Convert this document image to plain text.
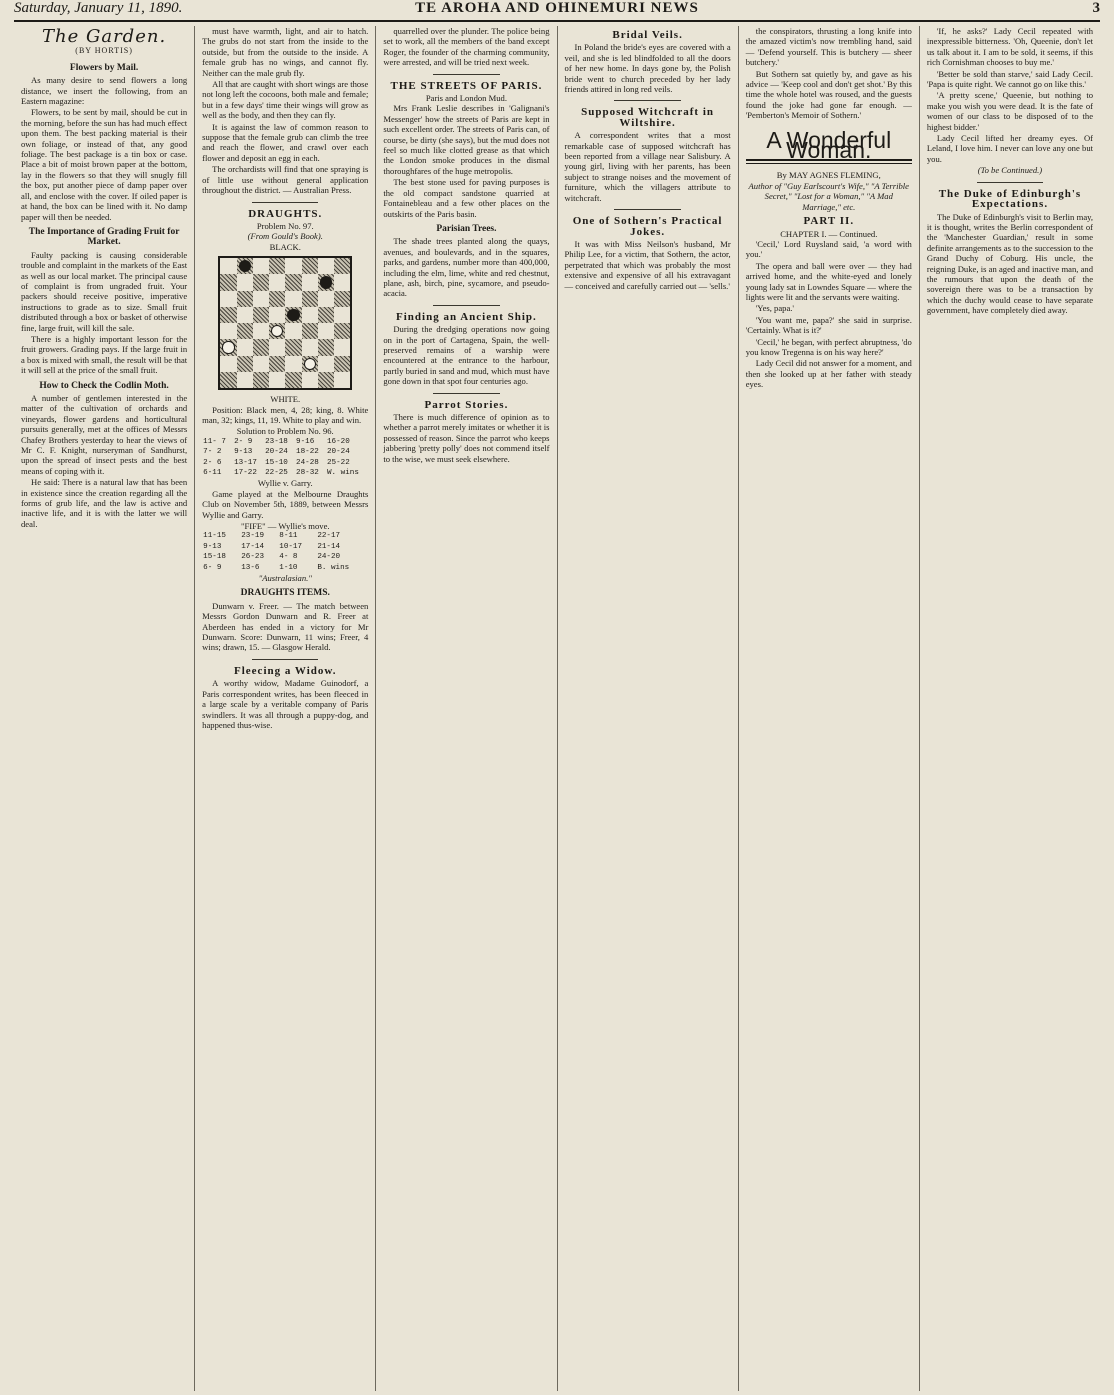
Saturday, January 11, 1890.	TE AROHA AND OHINEMURI NEWS	3
The Garden.
(BY HORTIS)
Flowers by Mail.

As many desire to send flowers a long distance, we insert the following, from an Eastern magazine:

Flowers, to be sent by mail, should be cut in the morning, before the sun has had much effect upon them. The best packing material is their own foliage, or instead of that, any good foliage. The best package is a tin box or case. Place a bit of moist brown paper at the bottom, lay in the flowers so that they will snugly fill the box, put another piece of damp paper over all, and enclose with the cover. If oiled paper is at hand, the box can be lined with it. No damp paper will then be needed.

The Importance of Grading Fruit for Market.

Faulty packing is causing considerable trouble and complaint in the markets of the East as well as our local market. The principal cause of complaint is from ungraded fruit. Your packers should receive positive, imperative instructions to grade as to size. Small fruit distributed through a box or basket of otherwise fine, large fruit, will kill the sale.

There is a highly important lesson for the fruit growers. Grading pays. If the large fruit in a box is mixed with small, the result will be that it will sell at the price of the small fruit.

How to Check the Codlin Moth.

A number of gentlemen interested in the matter of the cultivation of orchards and vineyards, flower gardens and horticultural pursuits generally, met at the offices of Messrs Chafey Brothers yesterday to hear the views of Mr C. F. Knight, nurseryman of Sandhurst, upon the spread of insect pests and the best means of coping with it.

He said: There is a natural law that has been in existence since the creation regarding all the forms of grub life, and the law is active and inactive life, and it is with the latter we will deal.

must have warmth, light, and air to hatch. The grubs do not start from the inside to the outside, but from the outside to the inside. A female grub has no wings, and cannot fly. Neither can the male grub fly.

All that are caught with short wings are those not long left the cocoons, both male and female; but in a few days' time their wings will grow as well as the body, and then they can fly.

It is against the law of common reason to suppose that the female grub can climb the tree and reach the flower, and crawl over each flower and deposit an egg in each.

The orchardists will find that one spraying is of little use without general application throughout the district. — Australian Press.

DRAUGHTS.
Problem No. 97.
(From Gould's Book).
BLACK.
WHITE.

Position: Black men, 4, 28; king, 8. White man, 32; kings, 11, 19. White to play and win.

Solution to Problem No. 96.
11- 7	2- 9	23-18	9-16	16-20
7- 2	9-13	20-24	18-22	20-24
2- 6	13-17	15-10	24-28	25-22
6-11	17-22	22-25	28-32	W. wins
Wyllie v. Garry.

Game played at the Melbourne Draughts Club on November 5th, 1889, between Messrs Wyllie and Garry.

"FIFE" — Wyllie's move.
11-15	23-19	8-11	22-17
9-13	17-14	10-17	21-14
15-18	26-23	4- 8	24-20
6- 9	13-6	1-10	B. wins
"Australasian."
DRAUGHTS ITEMS.

Dunwarn v. Freer. — The match between Messrs Gordon Dunwarn and R. Freer at Aberdeen has ended in a victory for Mr Dunwarn. Score: Dunwarn, 11 wins; Freer, 4 wins; drawn, 15. — Glasgow Herald.

Fleecing a Widow.

A worthy widow, Madame Guinodorf, a Paris correspondent writes, has been fleeced in a large scale by a veritable company of Paris swindlers. It was all through a puppy-dog, and happened thus-wise.

quarrelled over the plunder. The police being set to work, all the members of the band except Roger, the founder of the charming community, were arrested, and will be tried next week.

THE STREETS OF PARIS.
Paris and London Mud.

Mrs Frank Leslie describes in 'Galignani's Messenger' how the streets of Paris are kept in such excellent order. The streets of Paris can, of course, be dirty (she says), but the mud does not feel so much like clotted grease as that which the London smoke produces in the dismal thoroughfares of the huge metropolis.

The best stone used for paving purposes is the old compact sandstone quarried at Fontainebleau and a few other places on the outskirts of the Paris basin.

Parisian Trees.

The shade trees planted along the quays, avenues, and boulevards, and in the squares, parks, and gardens, number more than 400,000, including the elm, lime, white and red chestnut, plane, ash, birch, pine, sycamore, and pseudo-acacia.

Finding an Ancient Ship.

During the dredging operations now going on in the port of Cartagena, Spain, the well-preserved remains of a warship were encountered at the entrance to the harbour, partly buried in sand and mud, which must have gone down in that spot four centuries ago.

Parrot Stories.

There is much difference of opinion as to whether a parrot merely imitates or whether it is possessed of reason. Since the parrot who keeps jabbering 'pretty polly' does not commend itself to the wise, we must seek elsewhere.

Bridal Veils.

In Poland the bride's eyes are covered with a veil, and she is led blindfolded to all the doors of her new home. In days gone by, the Polish bride went to church preceded by her lady friends attired in long red veils.

Supposed Witchcraft in Wiltshire.

A correspondent writes that a most remarkable case of supposed witchcraft has been reported from a village near Salisbury. A young girl, living with her parents, has been subject to strange noises and the movement of furniture, which the villagers attribute to witchcraft.

One of Sothern's Practical Jokes.

It was with Miss Neilson's husband, Mr Philip Lee, for a victim, that Sothern, the actor, perpetrated that which was probably the most extensive and expensive of all his extravagant — conceived and carefully carried out — 'sells.'

the conspirators, thrusting a long knife into the amazed victim's now trembling hand, said — 'Defend yourself. This is butchery — sheer butchery.'

But Sothern sat quietly by, and gave as his advice — 'Keep cool and don't get shot.' By this time the whole hotel was roused, and the guests found the joke had gone far enough. — 'Pemberton's Memoir of Sothern.'

A Wonderful Woman.
By MAY AGNES FLEMING,
Author of "Guy Earlscourt's Wife," "A Terrible Secret," "Lost for a Woman," "A Mad Marriage," etc.
PART II.
CHAPTER I. — Continued.

'Cecil,' Lord Ruysland said, 'a word with you.'

The opera and ball were over — they had arrived home, and the white-eyed and lonely young lady sat in Lowndes Square — where the lights were lit and the servants were waiting.

'Yes, papa.'

'You want me, papa?' she said in surprise. 'Certainly. What is it?'

'Cecil,' he began, with perfect abruptness, 'do you know Tregenna is on his way here?'

Lady Cecil did not answer for a moment, and then she looked up at her father with steady eyes.

'If, he asks?' Lady Cecil repeated with inexpressible bitterness. 'Oh, Queenie, don't let us talk about it. I am to be sold, it seems, if this rich Cornishman chooses to buy me.'

'Better be sold than starve,' said Lady Cecil. 'Papa is quite right. We cannot go on like this.'

'A pretty scene,' Queenie, but nothing to make you wish you were dead. It is the fate of women of our class to be disposed of to the highest bidder.'

Lady Cecil lifted her dreamy eyes. Of Leland, I love him. I never can love any one but you.

(To be Continued.)
The Duke of Edinburgh's Expectations.

The Duke of Edinburgh's visit to Berlin may, it is thought, writes the Berlin correspondent of the 'Manchester Guardian,' result in some definite arrangements as to the succession to the Grand Duchy of Coburg. His uncle, the reigning Duke, is an aged and inactive man, and the rumours that upon the death of the sovereign there was to be a transaction by which the duchy would cease to have separate government, have completely died away.
